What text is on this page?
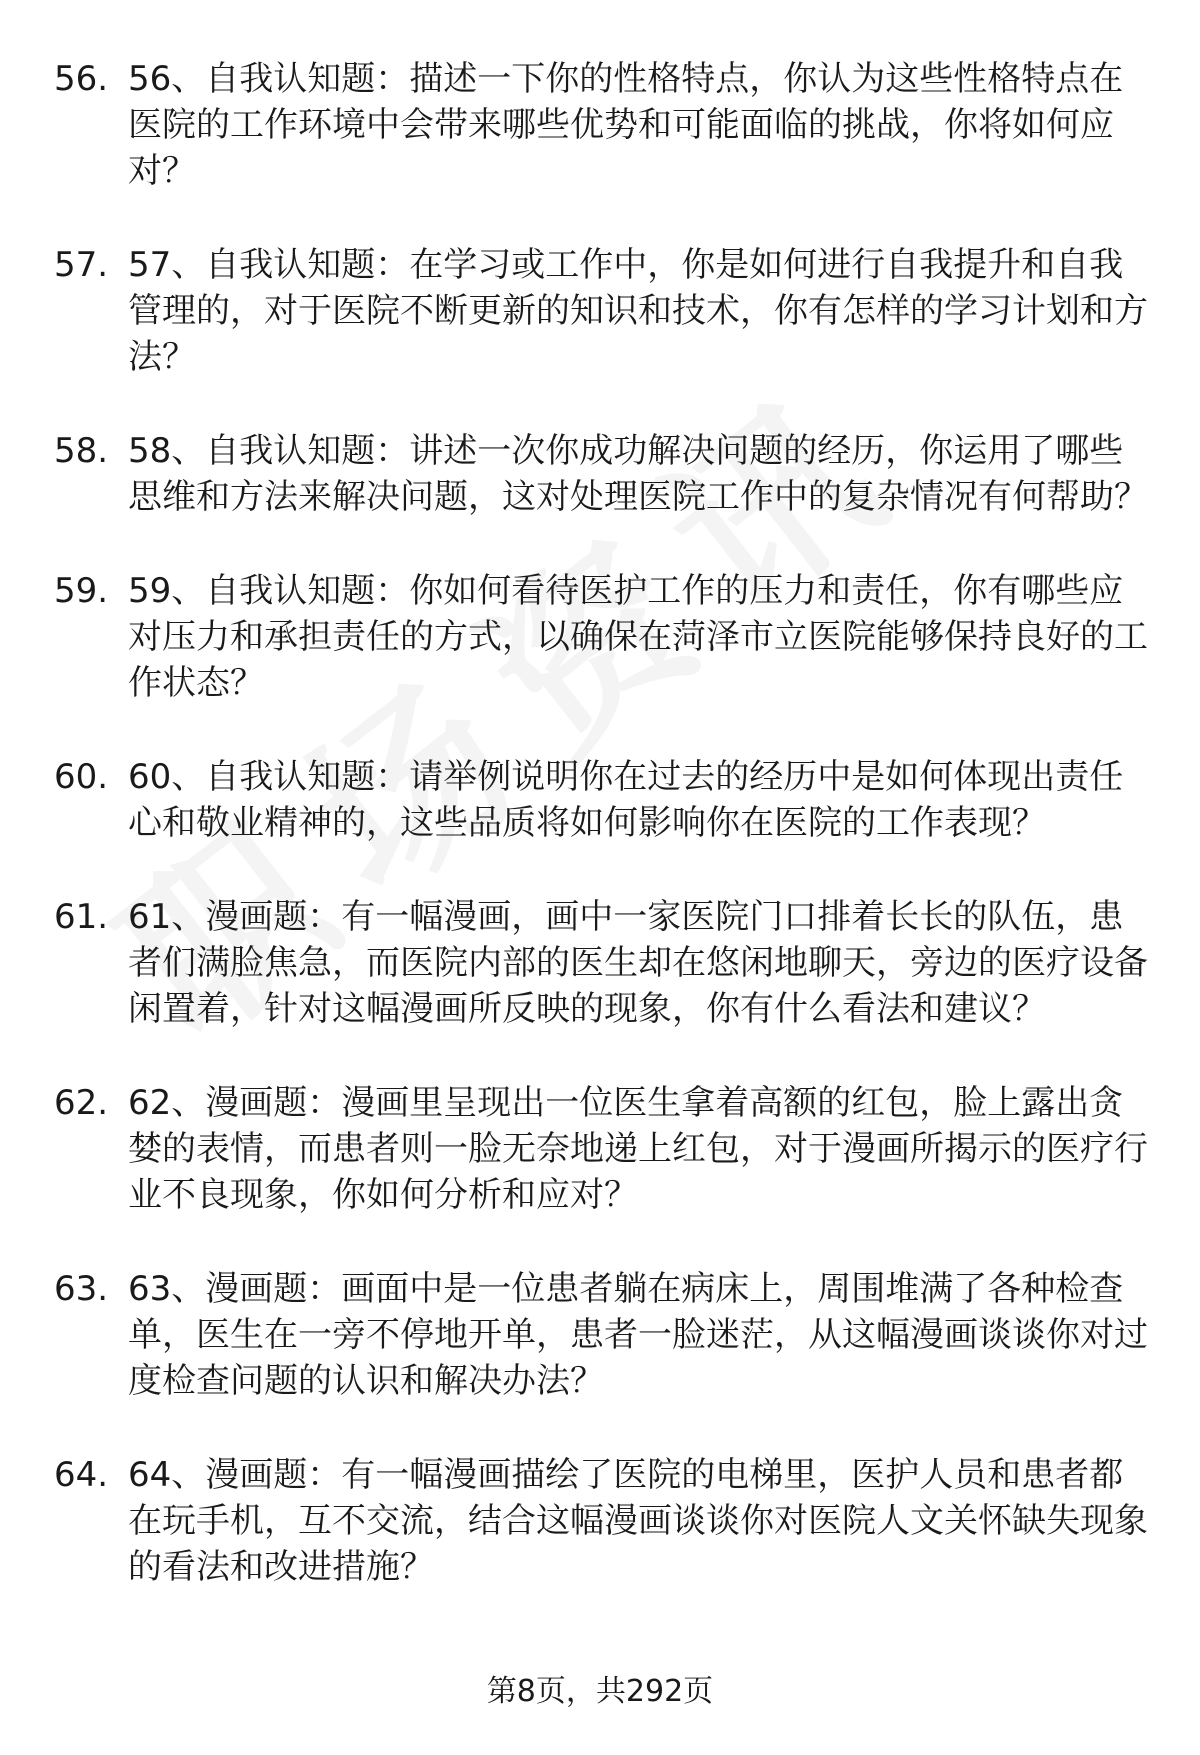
56. 56、自我认知题：描述一下你的性格特点，你认为这些性格特点在医院的工作环境中会带来哪些优势和可能面临的挑战，你将如何应对？
57. 57、自我认知题：在学习或工作中，你是如何进行自我提升和自我管理的，对于医院不断更新的知识和技术，你有怎样的学习计划和方法？
58. 58、自我认知题：讲述一次你成功解决问题的经历，你运用了哪些思维和方法来解决问题，这对处理医院工作中的复杂情况有何帮助？
59. 59、自我认知题：你如何看待医护工作的压力和责任，你有哪些应对压力和承担责任的方式，以确保在菏泽市立医院能够保持良好的工作状态？
60. 60、自我认知题：请举例说明你在过去的经历中是如何体现出责任心和敬业精神的，这些品质将如何影响你在医院的工作表现？
61. 61、漫画题：有一幅漫画，画中一家医院门口排着长长的队伍，患者们满脸焦急，而医院内部的医生却在悠闲地聊天，旁边的医疗设备闲置着，针对这幅漫画所反映的现象，你有什么看法和建议？
62. 62、漫画题：漫画里呈现出一位医生拿着高额的红包，脸上露出贪婪的表情，而患者则一脸无奈地递上红包，对于漫画所揭示的医疗行业不良现象，你如何分析和应对？
63. 63、漫画题：画面中是一位患者躺在病床上，周围堆满了各种检查单，医生在一旁不停地开单，患者一脸迷茫，从这幅漫画谈谈你对过度检查问题的认识和解决办法？
64. 64、漫画题：有一幅漫画描绘了医院的电梯里，医护人员和患者都在玩手机，互不交流，结合这幅漫画谈谈你对医院人文关怀缺失现象的看法和改进措施？
第8页，共292页
